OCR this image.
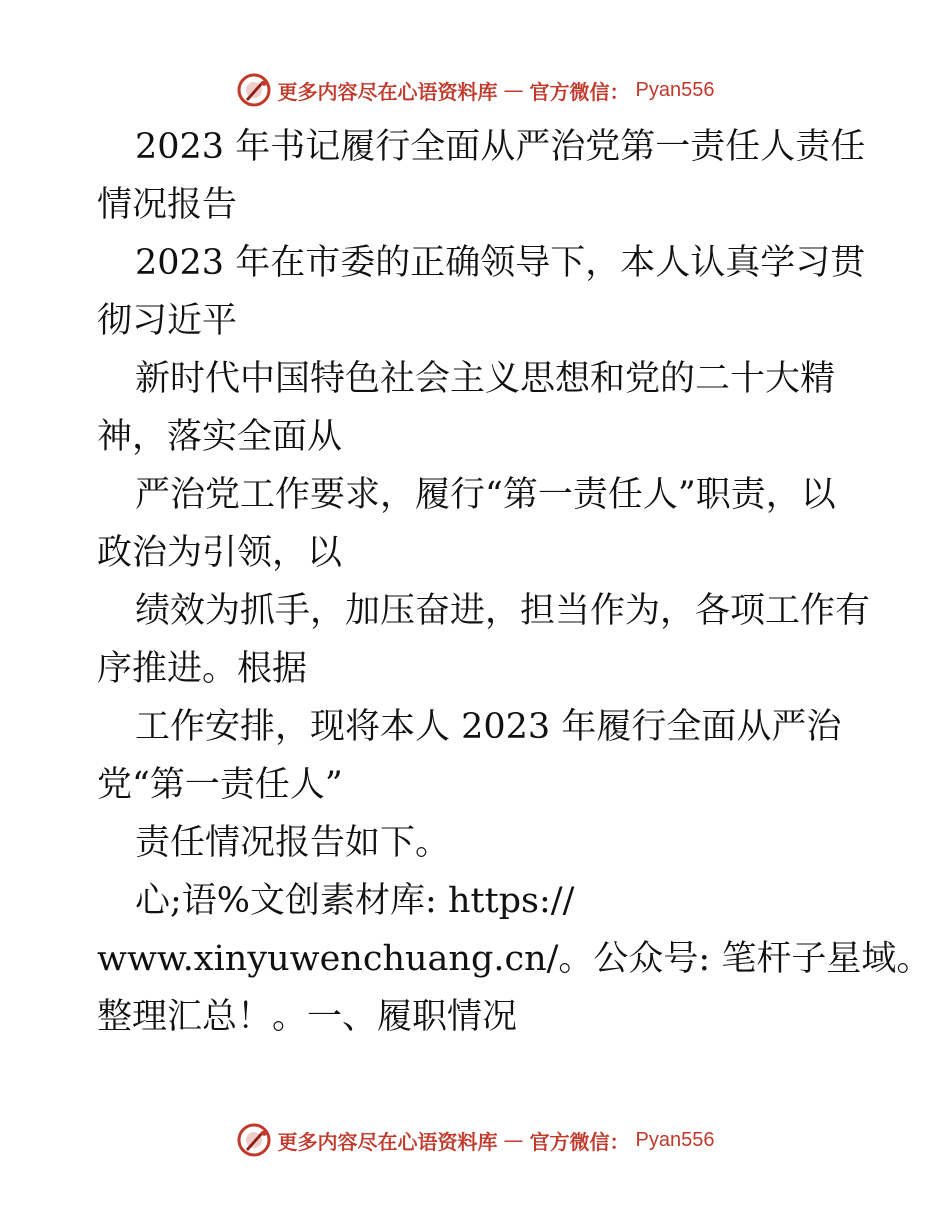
更多内容尽在心语资料库 — 官方微信： Pyan556
2023 年书记履行全面从严治党第一责任人责任
情况报告
2023 年在市委的正确领导下，本人认真学习贯
彻习近平
新时代中国特色社会主义思想和党的二十大精
神，落实全面从
严治党工作要求，履行“第一责任人”职责，以
政治为引领，以
绩效为抓手，加压奋进，担当作为，各项工作有
序推进。根据
工作安排，现将本人 2023 年履行全面从严治
党“第一责任人”
责任情况报告如下。
心;语%文创素材库: https://
www.xinyuwenchuang.cn/。公众号: 笔杆子星域。
整理汇总！。一、履职情况
更多内容尽在心语资料库 — 官方微信： Pyan556
